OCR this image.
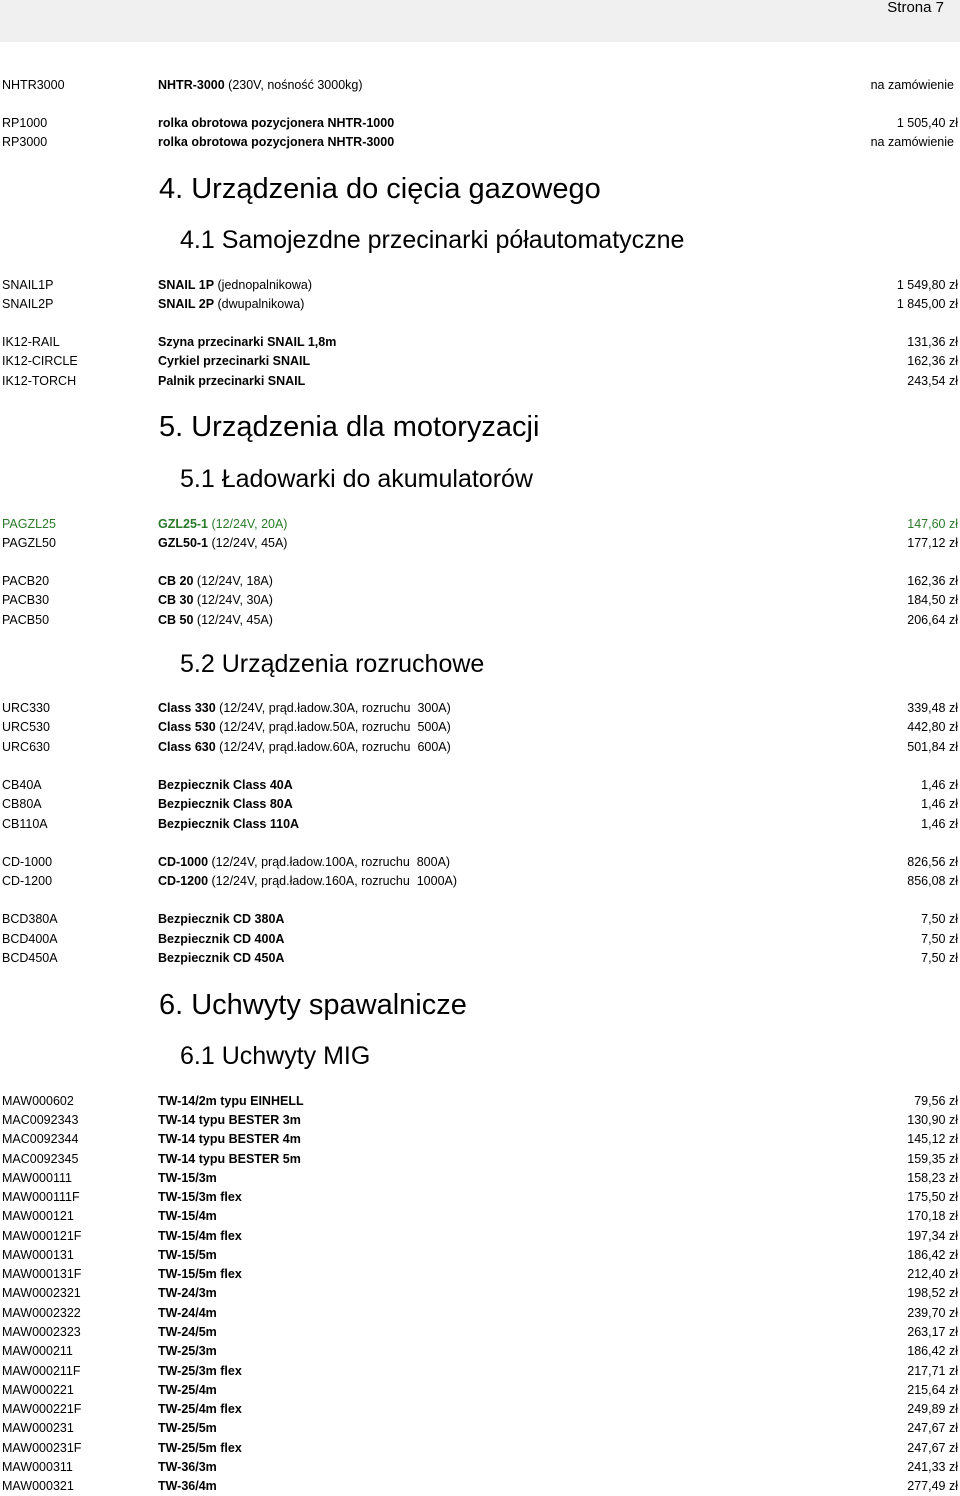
Strona 7
NHTR3000	NHTR-3000 (230V, nośność 3000kg)	na zamówienie
RP1000	rolka obrotowa pozycjonera NHTR-1000	1 505,40 zł
RP3000	rolka obrotowa pozycjonera NHTR-3000	na zamówienie
4. Urządzenia do cięcia gazowego
4.1 Samojezdne przecinarki półautomatyczne
SNAIL1P	SNAIL 1P (jednopalnikowa)	1 549,80 zł
SNAIL2P	SNAIL 2P (dwupalnikowa)	1 845,00 zł
IK12-RAIL	Szyna przecinarki SNAIL 1,8m	131,36 zł
IK12-CIRCLE	Cyrkiel przecinarki SNAIL	162,36 zł
IK12-TORCH	Palnik przecinarki SNAIL	243,54 zł
5. Urządzenia dla motoryzacji
5.1 Ładowarki do akumulatorów
PAGZL25	GZL25-1 (12/24V, 20A)	147,60 zł
PAGZL50	GZL50-1 (12/24V, 45A)	177,12 zł
PACB20	CB 20 (12/24V, 18A)	162,36 zł
PACB30	CB 30 (12/24V, 30A)	184,50 zł
PACB50	CB 50 (12/24V, 45A)	206,64 zł
5.2 Urządzenia rozruchowe
URC330	Class 330 (12/24V, prąd.ładow.30A, rozruchu  300A)	339,48 zł
URC530	Class 530 (12/24V, prąd.ładow.50A, rozruchu  500A)	442,80 zł
URC630	Class 630 (12/24V, prąd.ładow.60A, rozruchu  600A)	501,84 zł
CB40A	Bezpiecznik Class 40A	1,46 zł
CB80A	Bezpiecznik Class 80A	1,46 zł
CB110A	Bezpiecznik Class 110A	1,46 zł
CD-1000	CD-1000 (12/24V, prąd.ładow.100A, rozruchu  800A)	826,56 zł
CD-1200	CD-1200 (12/24V, prąd.ładow.160A, rozruchu  1000A)	856,08 zł
BCD380A	Bezpiecznik CD 380A	7,50 zł
BCD400A	Bezpiecznik CD 400A	7,50 zł
BCD450A	Bezpiecznik CD 450A	7,50 zł
6. Uchwyty spawalnicze
6.1 Uchwyty MIG
MAW000602	TW-14/2m typu EINHELL	79,56 zł
MAC0092343	TW-14 typu BESTER 3m	130,90 zł
MAC0092344	TW-14 typu BESTER 4m	145,12 zł
MAC0092345	TW-14 typu BESTER 5m	159,35 zł
MAW000111	TW-15/3m	158,23 zł
MAW000111F	TW-15/3m flex	175,50 zł
MAW000121	TW-15/4m	170,18 zł
MAW000121F	TW-15/4m flex	197,34 zł
MAW000131	TW-15/5m	186,42 zł
MAW000131F	TW-15/5m flex	212,40 zł
MAW0002321	TW-24/3m	198,52 zł
MAW0002322	TW-24/4m	239,70 zł
MAW0002323	TW-24/5m	263,17 zł
MAW000211	TW-25/3m	186,42 zł
MAW000211F	TW-25/3m flex	217,71 zł
MAW000221	TW-25/4m	215,64 zł
MAW000221F	TW-25/4m flex	249,89 zł
MAW000231	TW-25/5m	247,67 zł
MAW000231F	TW-25/5m flex	247,67 zł
MAW000311	TW-36/3m	241,33 zł
MAW000321	TW-36/4m	277,49 zł
